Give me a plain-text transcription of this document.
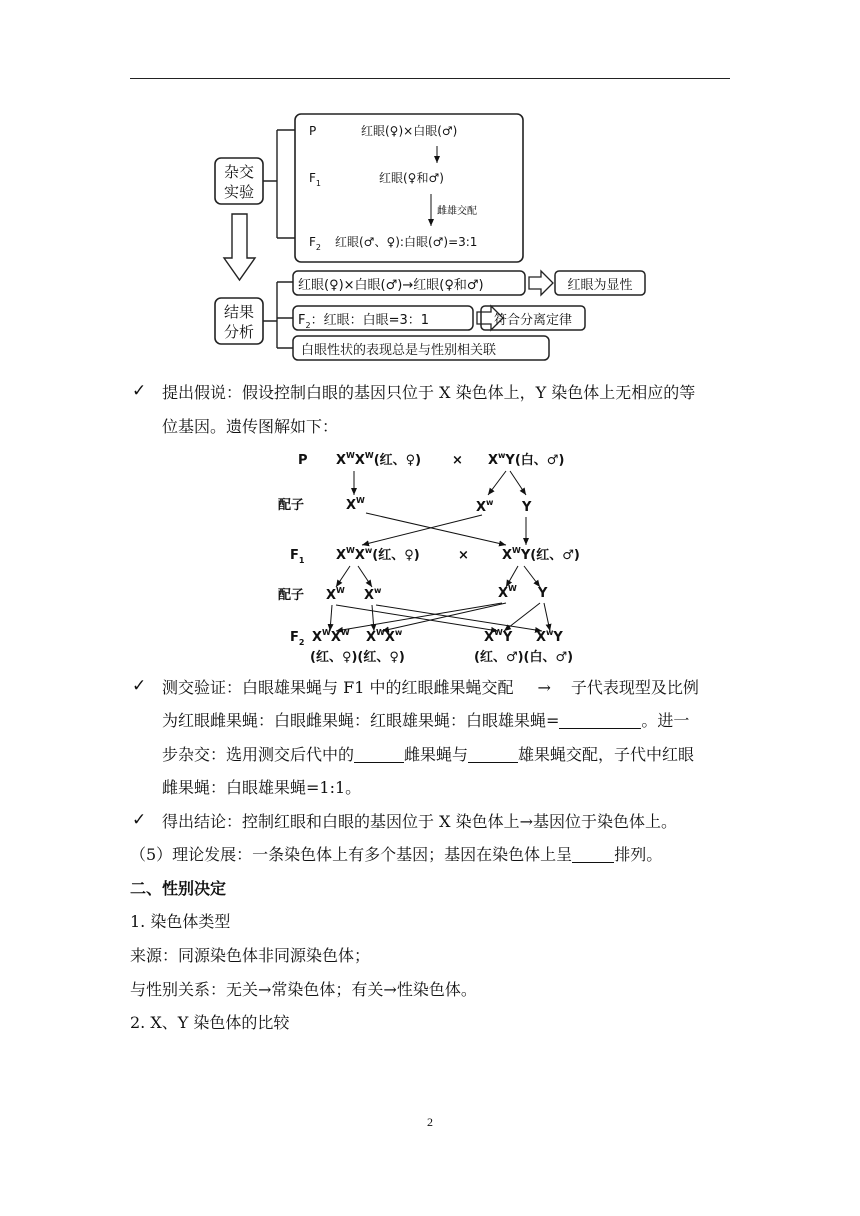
杂交
实验
P	红眼(♀)×白眼(♂)
$F_1$	红眼(♀和♂)
雌雄交配
$F_2$ 红眼(♂、♀):白眼(♂)=3:1
结果
分析
红眼(♀)×白眼(♂)→红眼(♀和♂)	红眼为显性
$F_2$：红眼：白眼=3：1	符合分离定律
白眼性状的表现总是与性别相关联
✓ 提出假说：假设控制白眼的基因只位于 X 染色体上，Y 染色体上无相应的等
位基因。遗传图解如下：
P $X^WX^W$(红、♀) × $X^wY$(白、♂)
配子	$X^W$	$X^w$ Y
$F_1$ $X^WX^w$(红、♀)	×	$X^WY$(红、♂)
配子 $X^W$ $X^w$	$X^W$ Y
$F_2$ $X^WX^W$ $X^WX^w$	$X^WY$ $X^wY$
(红、♀)(红、♀)	(红、♂)(白、♂)
✓ 测交验证：白眼雄果蝇与 F1 中的红眼雌果蝇交配 → 子代表现型及比例
为红眼雌果蝇：白眼雌果蝇：红眼雄果蝇：白眼雄果蝇=	。进一
步杂交：选用测交后代中的	雌果蝇与	雄果蝇交配，子代中红眼
雌果蝇：白眼雄果蝇=1:1。
✓ 得出结论：控制红眼和白眼的基因位于 X 染色体上→基因位于染色体上。
（5）理论发展：一条染色体上有多个基因；基因在染色体上呈	排列。
二、性别决定
1. 染色体类型
来源：同源染色体非同源染色体；
与性别关系：无关→常染色体；有关→性染色体。
2. X、Y 染色体的比较
2
